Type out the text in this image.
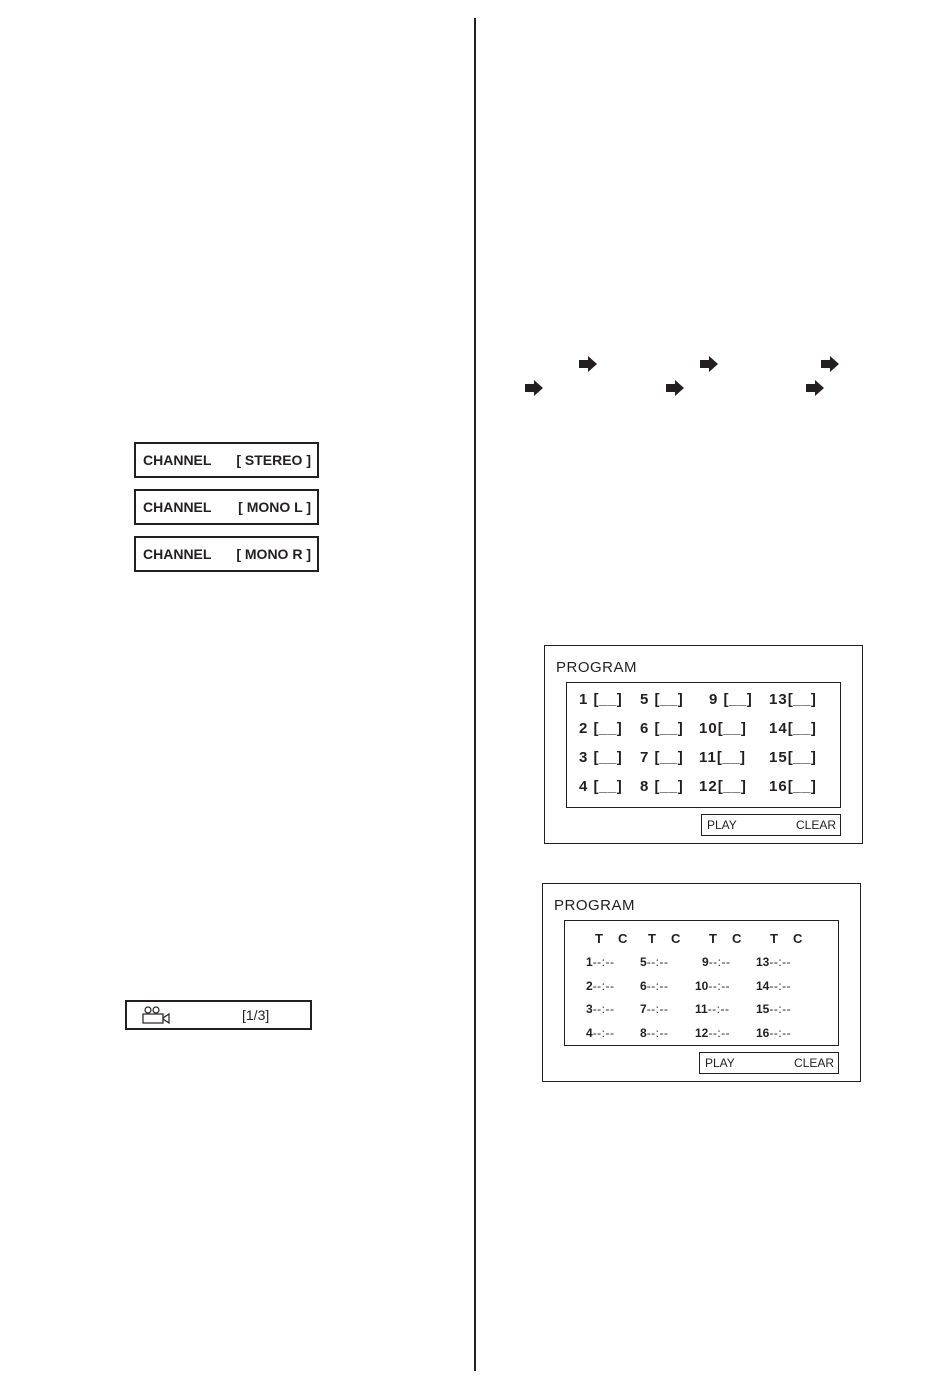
CHANNEL [ STEREO ]
CHANNEL [ MONO L ]
CHANNEL [ MONO R ]
[1/3]
PROGRAM
1 [__] 5 [__] 9 [__] 13[__]
2 [__] 6 [__] 10[__] 14[__]
3 [__] 7 [__] 11[__] 15[__]
4 [__] 8 [__] 12[__] 16[__]
PLAY	CLEAR
PROGRAM
T C T C T C T C
1--:-- 5--:--	9--:-- 13--:--
2--:-- 6--:-- 10--:-- 14--:--
3--:-- 7--:-- 11--:-- 15--:--
4--:-- 8--:-- 12--:-- 16--:--
PLAY	CLEAR
